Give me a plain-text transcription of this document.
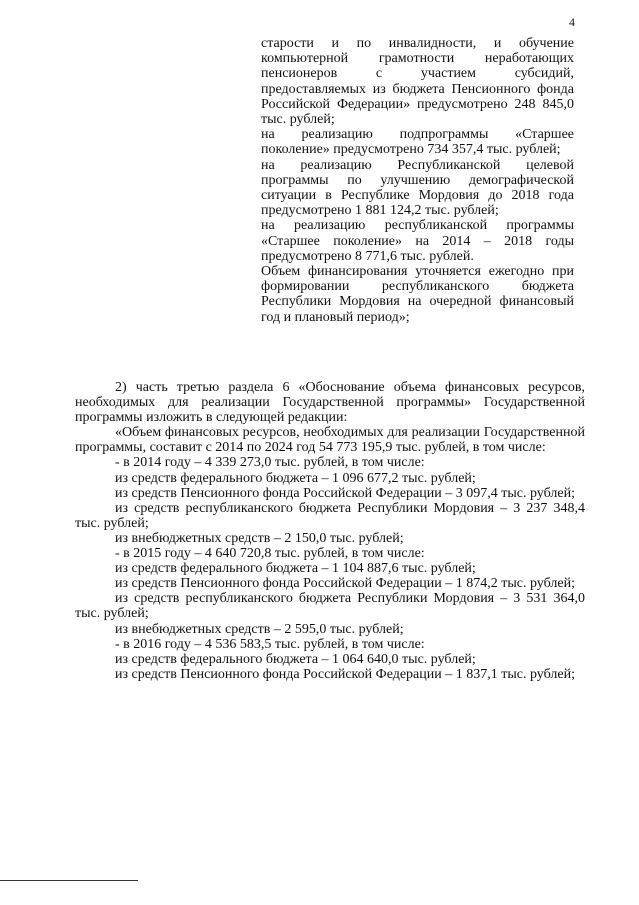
4

старости и по инвалидности, и обучение компьютерной грамотности неработающих пенсионеров с участием субсидий, предоставляемых из бюджета Пенсионного фонда Российской Федерации» предусмотрено 248 845,0 тыс. рублей;

на реализацию подпрограммы «Старшее поколение» предусмотрено 734 357,4 тыс. рублей;

на реализацию Республиканской целевой программы по улучшению демографической ситуации в Республике Мордовия до 2018 года предусмотрено 1 881 124,2 тыс. рублей;

на реализацию республиканской программы «Старшее поколение» на 2014 – 2018 годы предусмотрено 8 771,6 тыс. рублей.

Объем финансирования уточняется ежегодно при формировании республиканского бюджета Республики Мордовия на очередной финансовый год и плановый период»;

2) часть третью раздела 6 «Обоснование объема финансовых ресурсов, необходимых для реализации Государственной программы» Государственной программы изложить в следующей редакции:

«Объем финансовых ресурсов, необходимых для реализации Государственной программы, составит с 2014 по 2024 год 54 773 195,9 тыс. рублей, в том числе:

- в 2014 году – 4 339 273,0 тыс. рублей, в том числе:

из средств федерального бюджета – 1 096 677,2 тыс. рублей;

из средств Пенсионного фонда Российской Федерации – 3 097,4 тыс. рублей;

из средств республиканского бюджета Республики Мордовия – 3 237 348,4 тыс. рублей;

из внебюджетных средств – 2 150,0 тыс. рублей;

- в 2015 году – 4 640 720,8 тыс. рублей, в том числе:

из средств федерального бюджета – 1 104 887,6 тыс. рублей;

из средств Пенсионного фонда Российской Федерации – 1 874,2 тыс. рублей;

из средств республиканского бюджета Республики Мордовия – 3 531 364,0 тыс. рублей;

из внебюджетных средств – 2 595,0 тыс. рублей;

- в 2016 году – 4 536 583,5 тыс. рублей, в том числе:

из средств федерального бюджета – 1 064 640,0 тыс. рублей;

из средств Пенсионного фонда Российской Федерации – 1 837,1 тыс. рублей;
